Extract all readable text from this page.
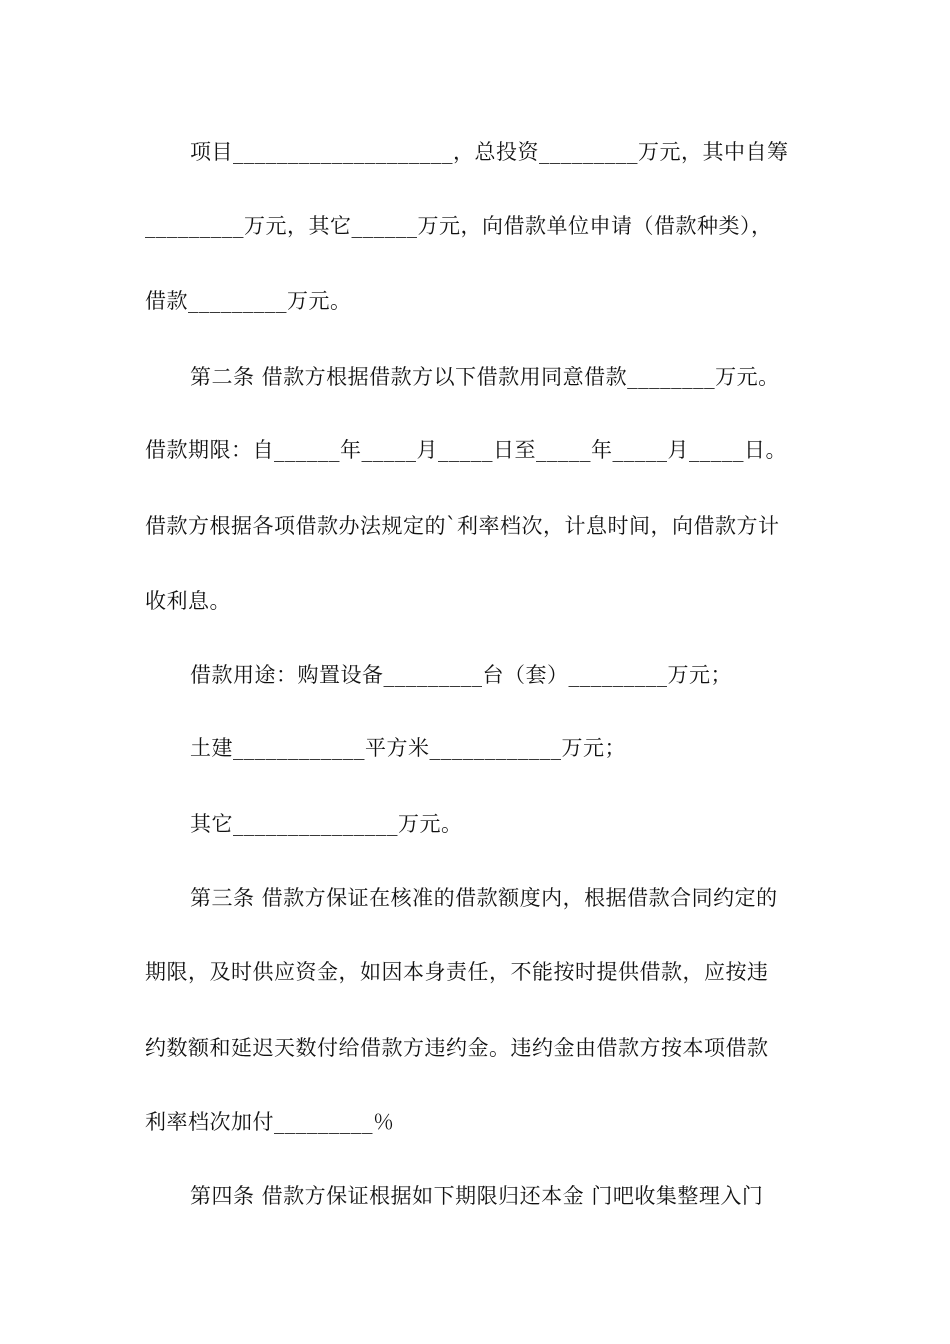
项目____________________，总投资_________万元，其中自筹
_________万元，其它______万元，向借款单位申请（借款种类），
借款_________万元。
第二条 借款方根据借款方以下借款用同意借款________万元。
借款期限：自______年_____月_____日至_____年_____月_____日。
借款方根据各项借款办法规定的`利率档次，计息时间，向借款方计
收利息。
借款用途：购置设备_________台（套）_________万元；
土建____________平方米____________万元；
其它_______________万元。
第三条 借款方保证在核准的借款额度内，根据借款合同约定的
期限，及时供应资金，如因本身责任，不能按时提供借款，应按违
约数额和延迟天数付给借款方违约金。违约金由借款方按本项借款
利率档次加付_________％
第四条 借款方保证根据如下期限归还本金 门吧收集整理入门
